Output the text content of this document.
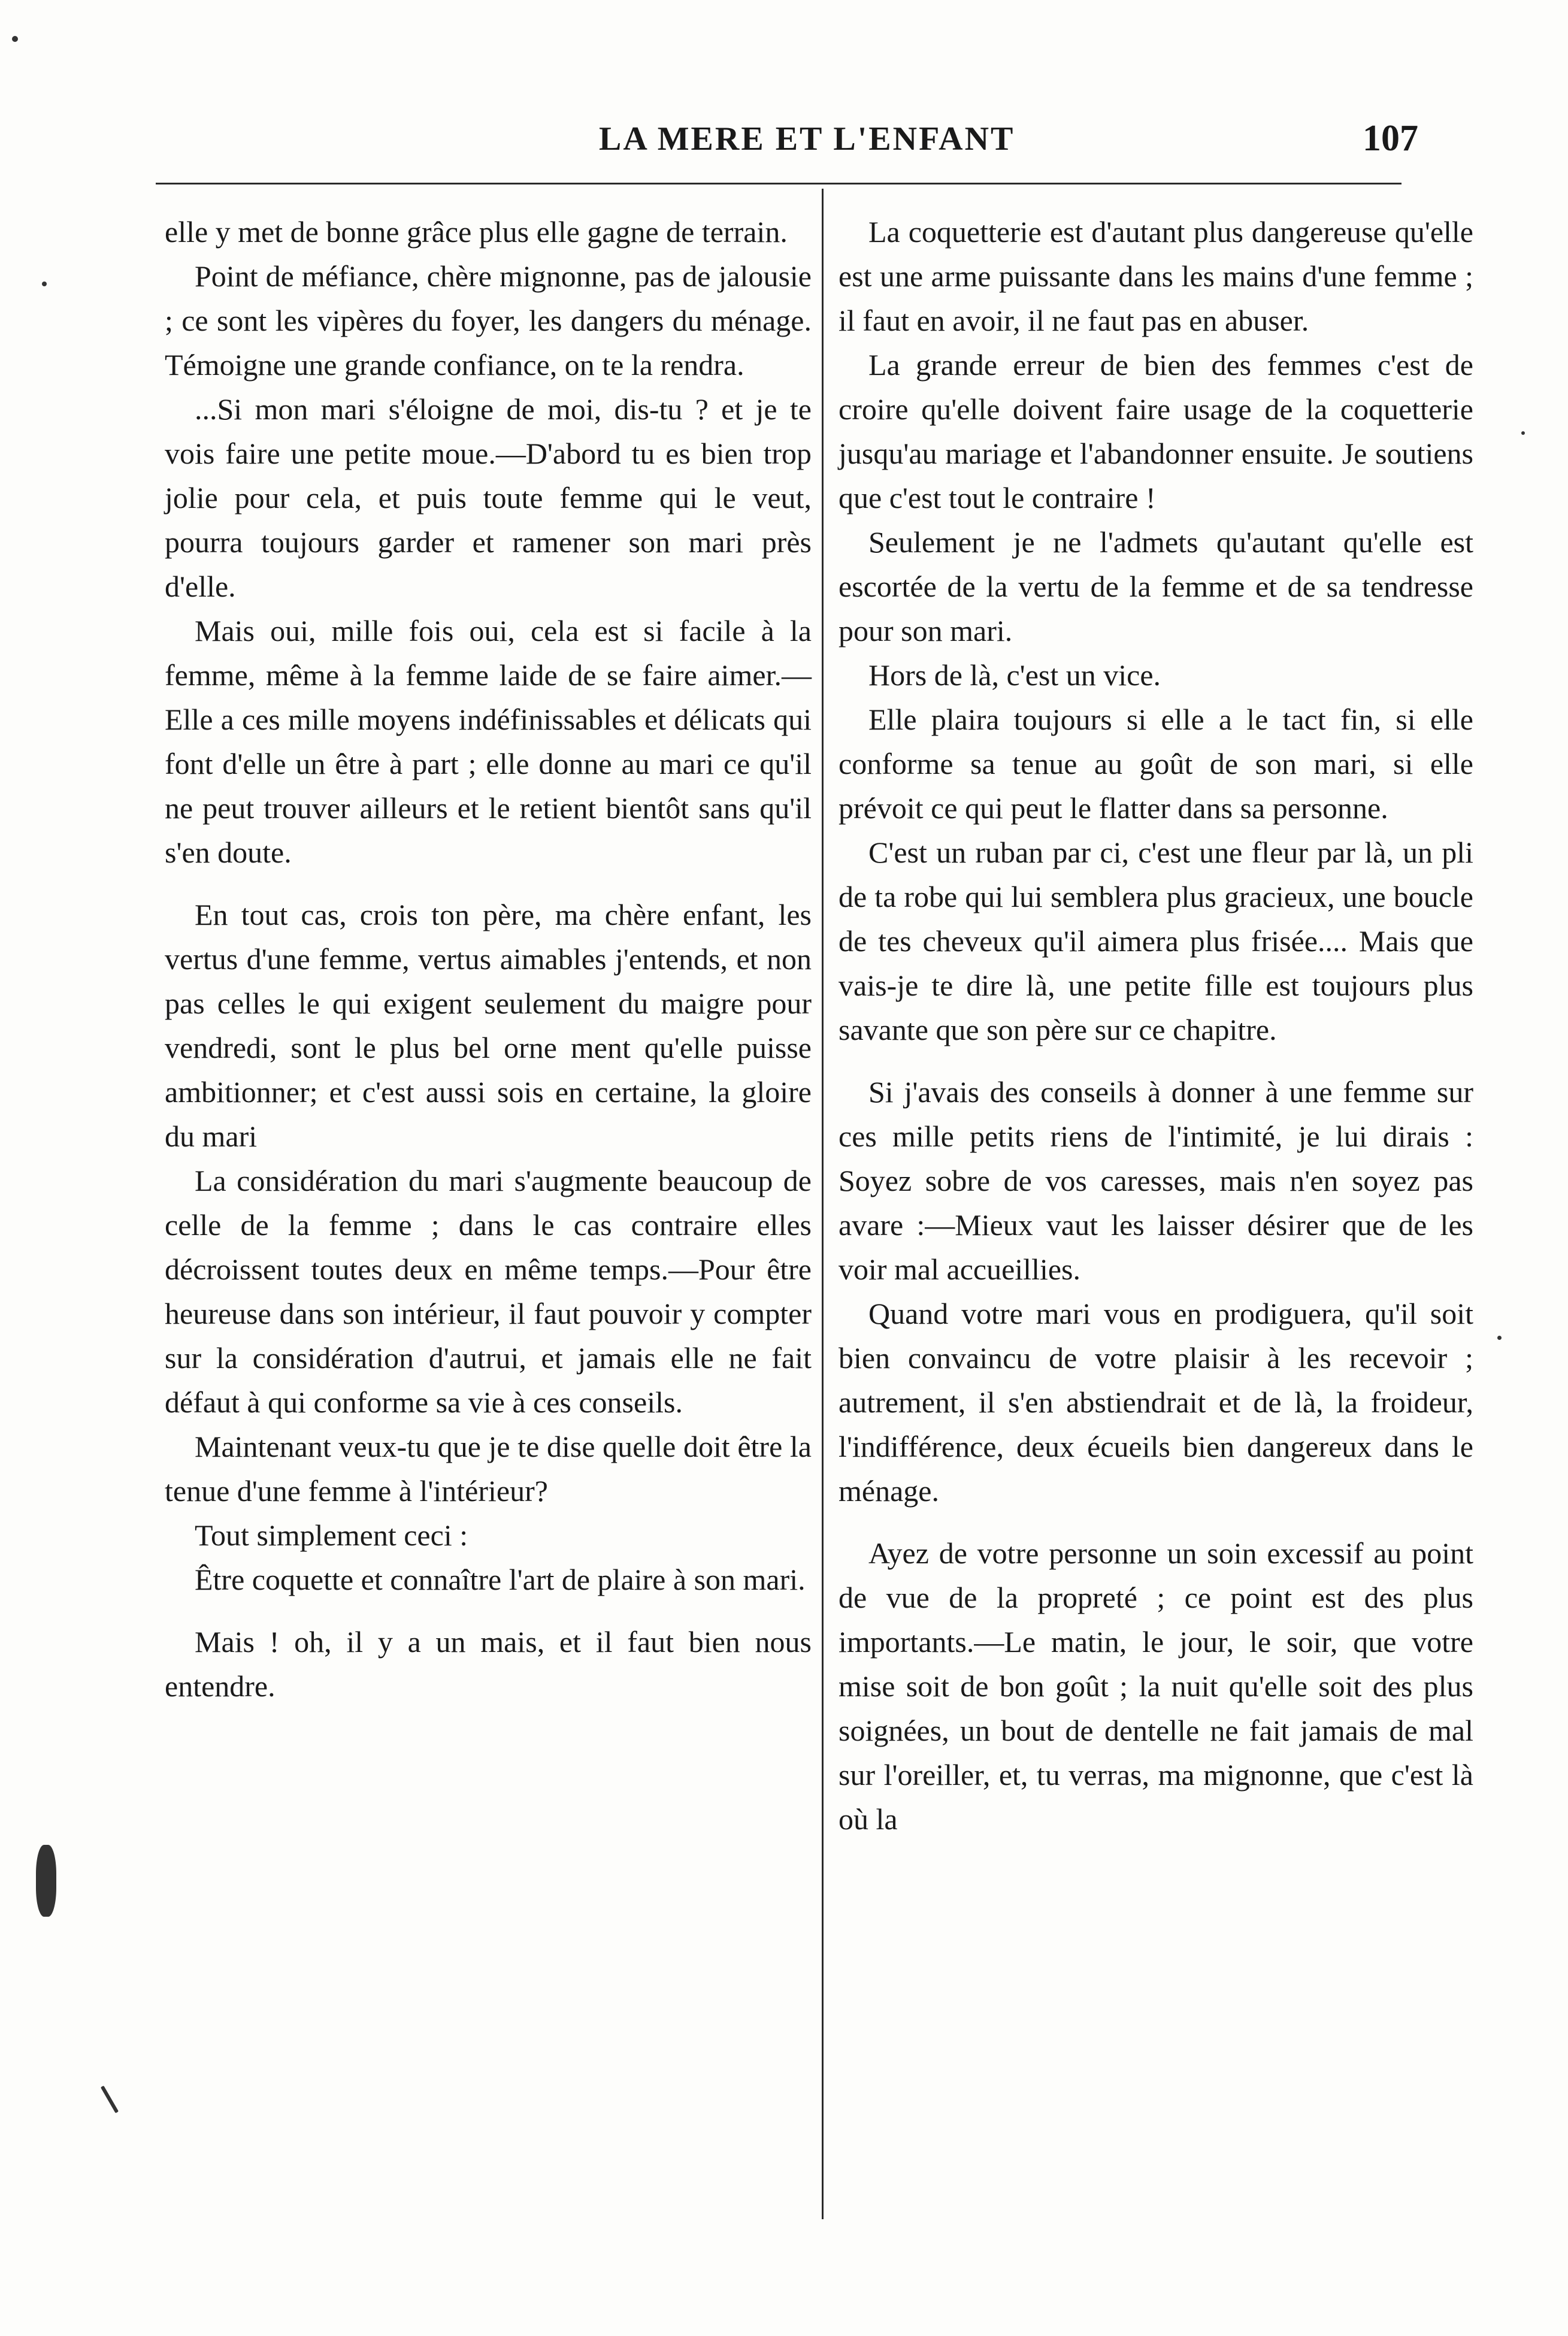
LA MERE ET L'ENFANT	107

elle y met de bonne grâce plus elle gagne de terrain.

Point de méfiance, chère mignonne, pas de jalousie ; ce sont les vipères du foyer, les dangers du ménage. Témoigne une grande confiance, on te la rendra.

...Si mon mari s'éloigne de moi, dis-tu ? et je te vois faire une petite moue.—D'abord tu es bien trop jolie pour cela, et puis toute femme qui le veut, pourra toujours garder et ramener son mari près d'elle.

Mais oui, mille fois oui, cela est si facile à la femme, même à la femme laide de se faire aimer.—Elle a ces mille moyens indéfinissables et délicats qui font d'elle un être à part ; elle donne au mari ce qu'il ne peut trouver ailleurs et le retient bientôt sans qu'il s'en doute.

En tout cas, crois ton père, ma chère enfant, les vertus d'une femme, vertus aimables j'entends, et non pas celles le qui exigent seulement du maigre pour vendredi, sont le plus bel orne ment qu'elle puisse ambitionner; et c'est aussi sois en certaine, la gloire du mari

La considération du mari s'augmente beaucoup de celle de la femme ; dans le cas contraire elles décroissent toutes deux en même temps.—Pour être heureuse dans son intérieur, il faut pouvoir y compter sur la considération d'autrui, et jamais elle ne fait défaut à qui conforme sa vie à ces conseils.

Maintenant veux-tu que je te dise quelle doit être la tenue d'une femme à l'intérieur?

Tout simplement ceci :

Être coquette et connaître l'art de plaire à son mari.

Mais ! oh, il y a un mais, et il faut bien nous entendre.

La coquetterie est d'autant plus dangereuse qu'elle est une arme puissante dans les mains d'une femme ; il faut en avoir, il ne faut pas en abuser.

La grande erreur de bien des femmes c'est de croire qu'elle doivent faire usage de la coquetterie jusqu'au mariage et l'abandonner ensuite. Je soutiens que c'est tout le contraire !

Seulement je ne l'admets qu'autant qu'elle est escortée de la vertu de la femme et de sa tendresse pour son mari.

Hors de là, c'est un vice.

Elle plaira toujours si elle a le tact fin, si elle conforme sa tenue au goût de son mari, si elle prévoit ce qui peut le flatter dans sa personne.

C'est un ruban par ci, c'est une fleur par là, un pli de ta robe qui lui semblera plus gracieux, une boucle de tes cheveux qu'il aimera plus frisée.... Mais que vais-je te dire là, une petite fille est toujours plus savante que son père sur ce chapitre.

Si j'avais des conseils à donner à une femme sur ces mille petits riens de l'intimité, je lui dirais : Soyez sobre de vos caresses, mais n'en soyez pas avare :—Mieux vaut les laisser désirer que de les voir mal accueillies.

Quand votre mari vous en prodiguera, qu'il soit bien convaincu de votre plaisir à les recevoir ; autrement, il s'en abstiendrait et de là, la froideur, l'indifférence, deux écueils bien dangereux dans le ménage.

Ayez de votre personne un soin excessif au point de vue de la propreté ; ce point est des plus importants.—Le matin, le jour, le soir, que votre mise soit de bon goût ; la nuit qu'elle soit des plus soignées, un bout de dentelle ne fait jamais de mal sur l'oreiller, et, tu verras, ma mignonne, que c'est là où la
